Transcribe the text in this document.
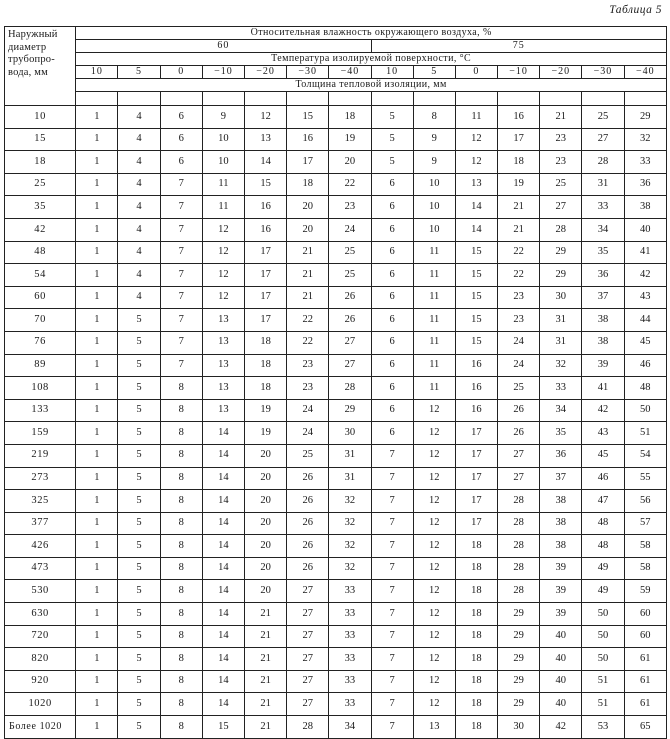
Таблица 5
Наружный
диаметр
трубопро-
вода, мм	Относительная влажность окружающего воздуха, %													
	60							75						
	Температура изолируемой поверхности, °C													
	10	5	0	−10	−20	−30	−40	10	5	0	−10	−20	−30	−40
	Толщина тепловой изоляции, мм													

10	1	4	6	9	12	15	18	5	8	11	16	21	25	29
15	1	4	6	10	13	16	19	5	9	12	17	23	27	32
18	1	4	6	10	14	17	20	5	9	12	18	23	28	33
25	1	4	7	11	15	18	22	6	10	13	19	25	31	36
35	1	4	7	11	16	20	23	6	10	14	21	27	33	38
42	1	4	7	12	16	20	24	6	10	14	21	28	34	40
48	1	4	7	12	17	21	25	6	11	15	22	29	35	41
54	1	4	7	12	17	21	25	6	11	15	22	29	36	42
60	1	4	7	12	17	21	26	6	11	15	23	30	37	43
70	1	5	7	13	17	22	26	6	11	15	23	31	38	44
76	1	5	7	13	18	22	27	6	11	15	24	31	38	45
89	1	5	7	13	18	23	27	6	11	16	24	32	39	46
108	1	5	8	13	18	23	28	6	11	16	25	33	41	48
133	1	5	8	13	19	24	29	6	12	16	26	34	42	50
159	1	5	8	14	19	24	30	6	12	17	26	35	43	51
219	1	5	8	14	20	25	31	7	12	17	27	36	45	54
273	1	5	8	14	20	26	31	7	12	17	27	37	46	55
325	1	5	8	14	20	26	32	7	12	17	28	38	47	56
377	1	5	8	14	20	26	32	7	12	17	28	38	48	57
426	1	5	8	14	20	26	32	7	12	18	28	38	48	58
473	1	5	8	14	20	26	32	7	12	18	28	39	49	58
530	1	5	8	14	20	27	33	7	12	18	28	39	49	59
630	1	5	8	14	21	27	33	7	12	18	29	39	50	60
720	1	5	8	14	21	27	33	7	12	18	29	40	50	60
820	1	5	8	14	21	27	33	7	12	18	29	40	50	61
920	1	5	8	14	21	27	33	7	12	18	29	40	51	61
1020	1	5	8	14	21	27	33	7	12	18	29	40	51	61
Более 1020	1	5	8	15	21	28	34	7	13	18	30	42	53	65
